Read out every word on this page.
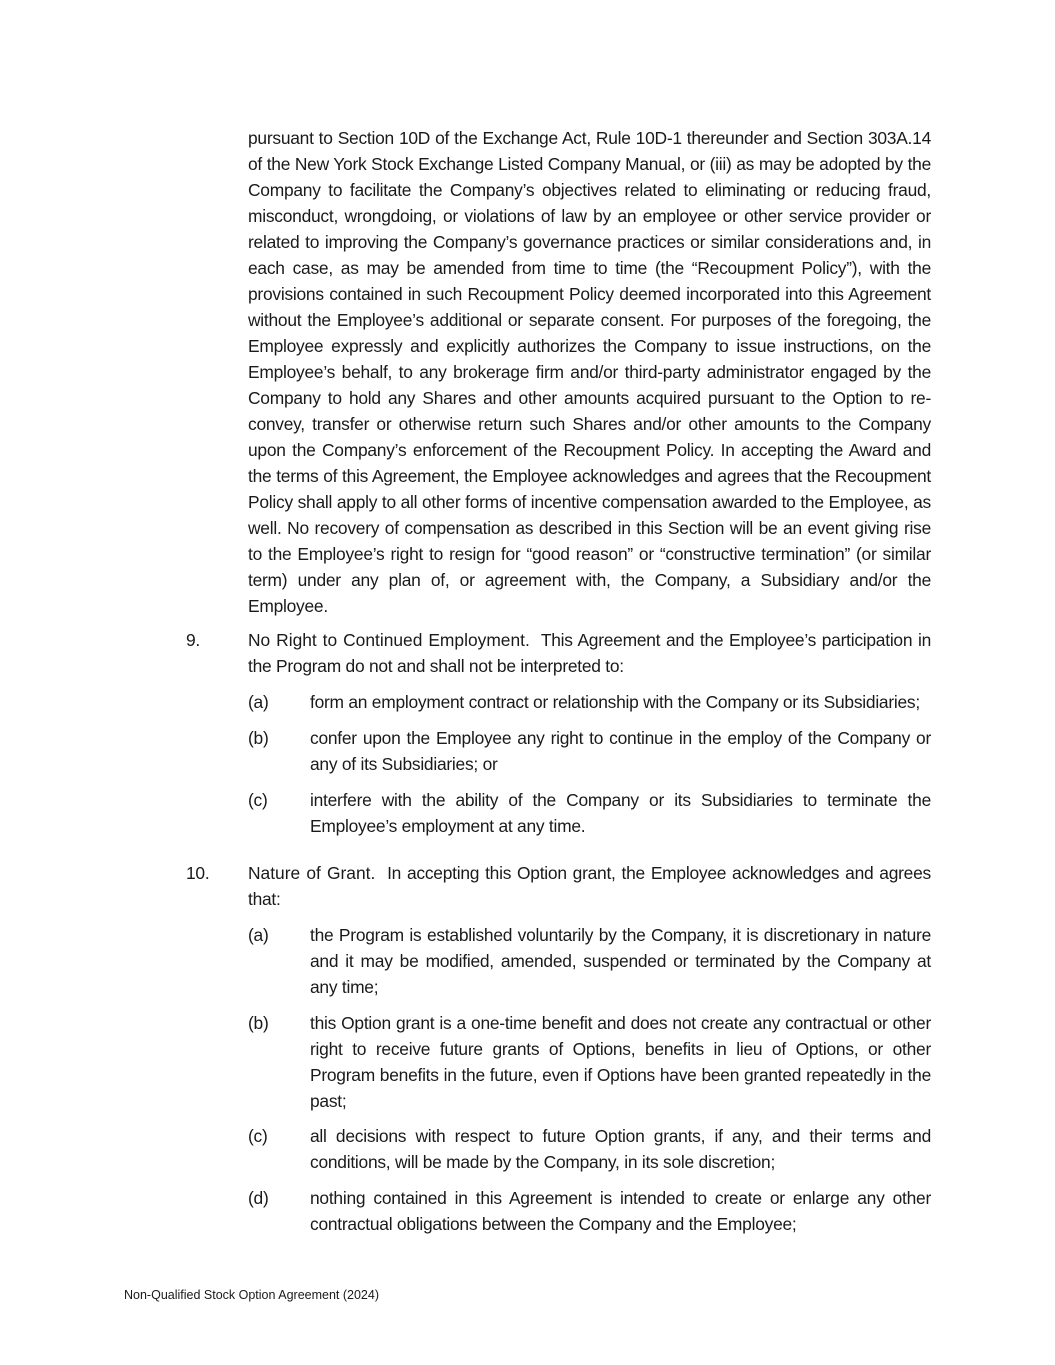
pursuant to Section 10D of the Exchange Act, Rule 10D-1 thereunder and Section 303A.14 of the New York Stock Exchange Listed Company Manual, or (iii) as may be adopted by the Company to facilitate the Company’s objectives related to eliminating or reducing fraud, misconduct, wrongdoing, or violations of law by an employee or other service provider or related to improving the Company’s governance practices or similar considerations and, in each case, as may be amended from time to time (the “Recoupment Policy”), with the provisions contained in such Recoupment Policy deemed incorporated into this Agreement without the Employee’s additional or separate consent. For purposes of the foregoing, the Employee expressly and explicitly authorizes the Company to issue instructions, on the Employee’s behalf, to any brokerage firm and/or third-party administrator engaged by the Company to hold any Shares and other amounts acquired pursuant to the Option to re-convey, transfer or otherwise return such Shares and/or other amounts to the Company upon the Company’s enforcement of the Recoupment Policy. In accepting the Award and the terms of this Agreement, the Employee acknowledges and agrees that the Recoupment Policy shall apply to all other forms of incentive compensation awarded to the Employee, as well. No recovery of compensation as described in this Section will be an event giving rise to the Employee’s right to resign for “good reason” or “constructive termination” (or similar term) under any plan of, or agreement with, the Company, a Subsidiary and/or the Employee.

9.	No Right to Continued Employment. This Agreement and the Employee’s participation in the Program do not and shall not be interpreted to:
(a) form an employment contract or relationship with the Company or its Subsidiaries;
(b) confer upon the Employee any right to continue in the employ of the Company or any of its Subsidiaries; or
(c) interfere with the ability of the Company or its Subsidiaries to terminate the Employee’s employment at any time.
10. Nature of Grant. In accepting this Option grant, the Employee acknowledges and agrees that:
(a) the Program is established voluntarily by the Company, it is discretionary in nature and it may be modified, amended, suspended or terminated by the Company at any time;
(b) this Option grant is a one-time benefit and does not create any contractual or other right to receive future grants of Options, benefits in lieu of Options, or other Program benefits in the future, even if Options have been granted repeatedly in the past;
(c) all decisions with respect to future Option grants, if any, and their terms and conditions, will be made by the Company, in its sole discretion;
(d) nothing contained in this Agreement is intended to create or enlarge any other contractual obligations between the Company and the Employee;
Non-Qualified Stock Option Agreement (2024)
